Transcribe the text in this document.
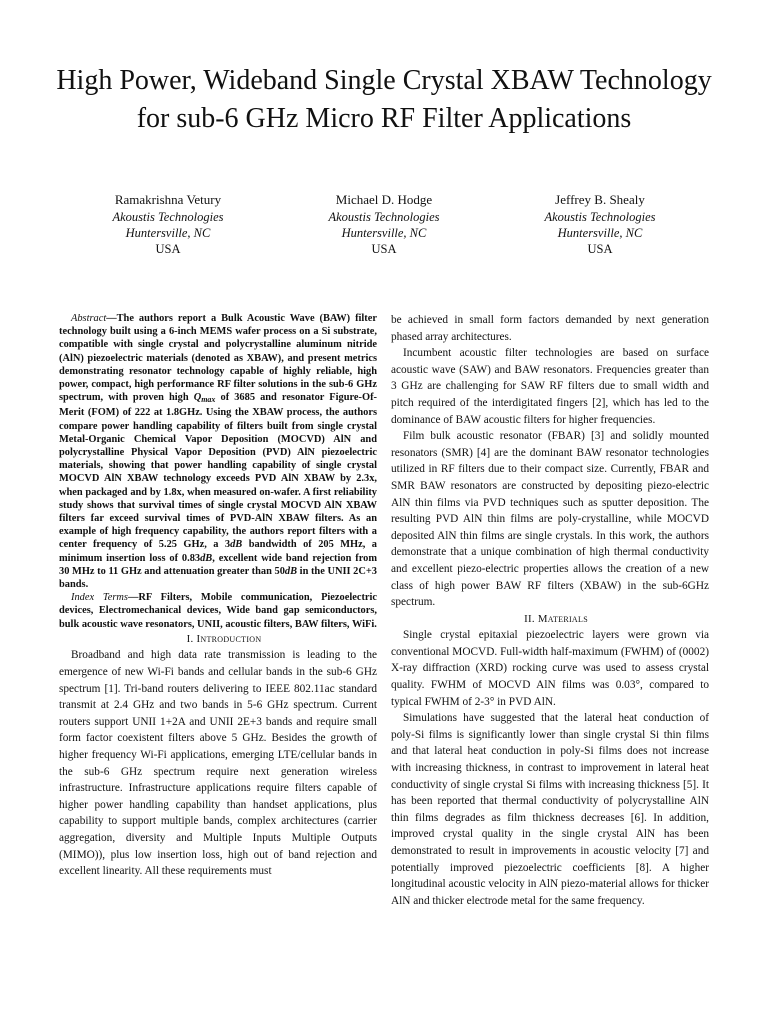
High Power, Wideband Single Crystal XBAW Technology for sub-6 GHz Micro RF Filter Applications
Ramakrishna Vetury
Akoustis Technologies
Huntersville, NC
USA
Michael D. Hodge
Akoustis Technologies
Huntersville, NC
USA
Jeffrey B. Shealy
Akoustis Technologies
Huntersville, NC
USA

Abstract—The authors report a Bulk Acoustic Wave (BAW) filter technology built using a 6-inch MEMS wafer process on a Si substrate, compatible with single crystal and polycrystalline aluminum nitride (AlN) piezoelectric materials (denoted as XBAW), and present metrics demonstrating resonator technology capable of highly reliable, high power, compact, high performance RF filter solutions in the sub-6 GHz spectrum, with proven high $Q_{max}$ of 3685 and resonator Figure-Of-Merit (FOM) of 222 at 1.8GHz. Using the XBAW process, the authors compare power handling capability of filters built from single crystal Metal-Organic Chemical Vapor Deposition (MOCVD) AlN and polycrystalline Physical Vapor Deposition (PVD) AlN piezoelectric materials, showing that power handling capability of single crystal MOCVD AlN XBAW technology exceeds PVD AlN XBAW by 2.3x, when packaged and by 1.8x, when measured on-wafer. A first reliability study shows that survival times of single crystal MOCVD AlN XBAW filters far exceed survival times of PVD-AlN XBAW filters. As an example of high frequency capability, the authors report filters with a center frequency of 5.25 GHz, a 3dB bandwidth of 205 MHz, a minimum insertion loss of 0.83dB, excellent wide band rejection from 30 MHz to 11 GHz and attenuation greater than 50dB in the UNII 2C+3 bands.

Index Terms—RF Filters, Mobile communication, Piezoelectric devices, Electromechanical devices, Wide band gap semiconductors, bulk acoustic wave resonators, UNII, acoustic filters, BAW filters, WiFi.

I. Introduction

Broadband and high data rate transmission is leading to the emergence of new Wi-Fi bands and cellular bands in the sub-6 GHz spectrum [1]. Tri-band routers delivering to IEEE 802.11ac standard transmit at 2.4 GHz and two bands in 5-6 GHz spectrum. Current routers support UNII 1+2A and UNII 2E+3 bands and require small form factor coexistent filters above 5 GHz. Besides the growth of higher frequency Wi-Fi applications, emerging LTE/cellular bands in the sub-6 GHz spectrum require next generation wireless infrastructure. Infrastructure applications require filters capable of higher power handling capability than handset applications, plus capability to support multiple bands, complex architectures (carrier aggregation, diversity and Multiple Inputs Multiple Outputs (MIMO)), plus low insertion loss, high out of band rejection and excellent linearity. All these requirements must

be achieved in small form factors demanded by next generation phased array architectures.

Incumbent acoustic filter technologies are based on surface acoustic wave (SAW) and BAW resonators. Frequencies greater than 3 GHz are challenging for SAW RF filters due to small width and pitch required of the interdigitated fingers [2], which has led to the dominance of BAW acoustic filters for higher frequencies.

Film bulk acoustic resonator (FBAR) [3] and solidly mounted resonators (SMR) [4] are the dominant BAW resonator technologies utilized in RF filters due to their compact size. Currently, FBAR and SMR BAW resonators are constructed by depositing piezo-electric AlN thin films via PVD techniques such as sputter deposition. The resulting PVD AlN thin films are poly-crystalline, while MOCVD deposited AlN thin films are single crystals. In this work, the authors demonstrate that a unique combination of high thermal conductivity and excellent piezo-electric properties allows the creation of a new class of high power BAW RF filters (XBAW) in the sub-6GHz spectrum.

II. Materials

Single crystal epitaxial piezoelectric layers were grown via conventional MOCVD. Full-width half-maximum (FWHM) of (0002) X-ray diffraction (XRD) rocking curve was used to assess crystal quality. FWHM of MOCVD AlN films was 0.03°, compared to typical FWHM of 2-3° in PVD AlN.

Simulations have suggested that the lateral heat conduction of poly-Si films is significantly lower than single crystal Si thin films and that lateral heat conduction in poly-Si films does not increase with increasing thickness, in contrast to improvement in lateral heat conductivity of single crystal Si films with increasing thickness [5]. It has been reported that thermal conductivity of polycrystalline AlN thin films degrades as film thickness decreases [6]. In addition, improved crystal quality in the single crystal AlN has been demonstrated to result in improvements in acoustic velocity [7] and potentially improved piezoelectric coefficients [8]. A higher longitudinal acoustic velocity in AlN piezo-material allows for thicker AlN and thicker electrode metal for the same frequency.
